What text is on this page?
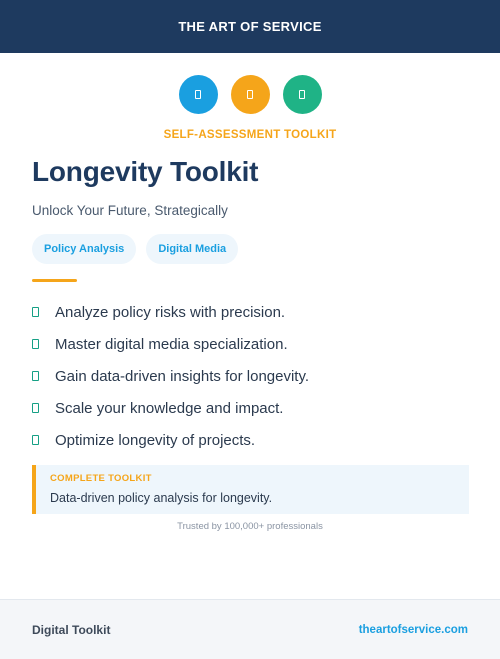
THE ART OF SERVICE
SELF-ASSESSMENT TOOLKIT
Longevity Toolkit
Unlock Your Future, Strategically
Policy Analysis	Digital Media
Analyze policy risks with precision.
Master digital media specialization.
Gain data-driven insights for longevity.
Scale your knowledge and impact.
Optimize longevity of projects.
COMPLETE TOOLKIT
Data-driven policy analysis for longevity.
Trusted by 100,000+ professionals
Digital Toolkit	theartofservice.com
